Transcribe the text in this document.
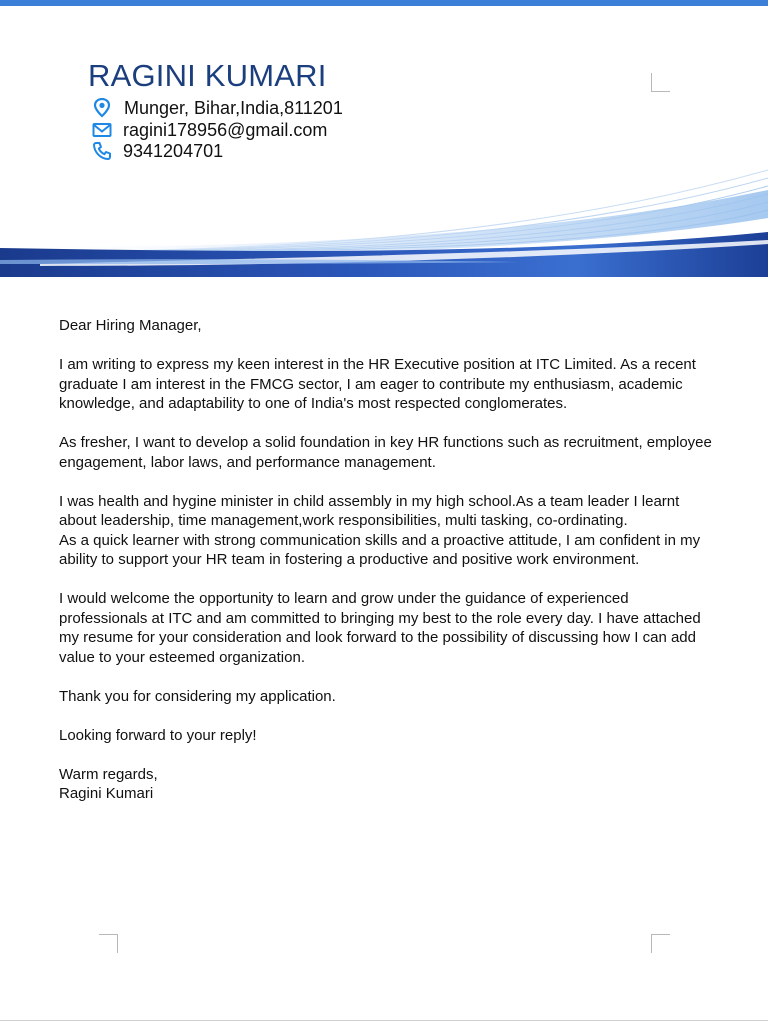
RAGINI KUMARI
Munger, Bihar,India,811201
ragini178956@gmail.com
9341204701

Dear Hiring Manager,

I am writing to express my keen interest in the HR Executive position at ITC Limited. As a recent graduate I am interest in the FMCG sector, I am eager to contribute my enthusiasm, academic knowledge, and adaptability to one of India's most respected conglomerates.

As fresher, I want to develop a solid foundation in key HR functions such as recruitment, employee engagement, labor laws, and performance management.

I was health and hygine minister in child assembly in my high school.As a team leader I learnt about leadership, time management,work responsibilities, multi tasking, co-ordinating.

As a quick learner with strong communication skills and a proactive attitude, I am confident in my ability to support your HR team in fostering a productive and positive work environment.

I would welcome the opportunity to learn and grow under the guidance of experienced professionals at ITC and am committed to bringing my best to the role every day. I have attached my resume for your consideration and look forward to the possibility of discussing how I can add value to your esteemed organization.

Thank you for considering my application.

Looking forward to your reply!

Warm regards,

Ragini Kumari
